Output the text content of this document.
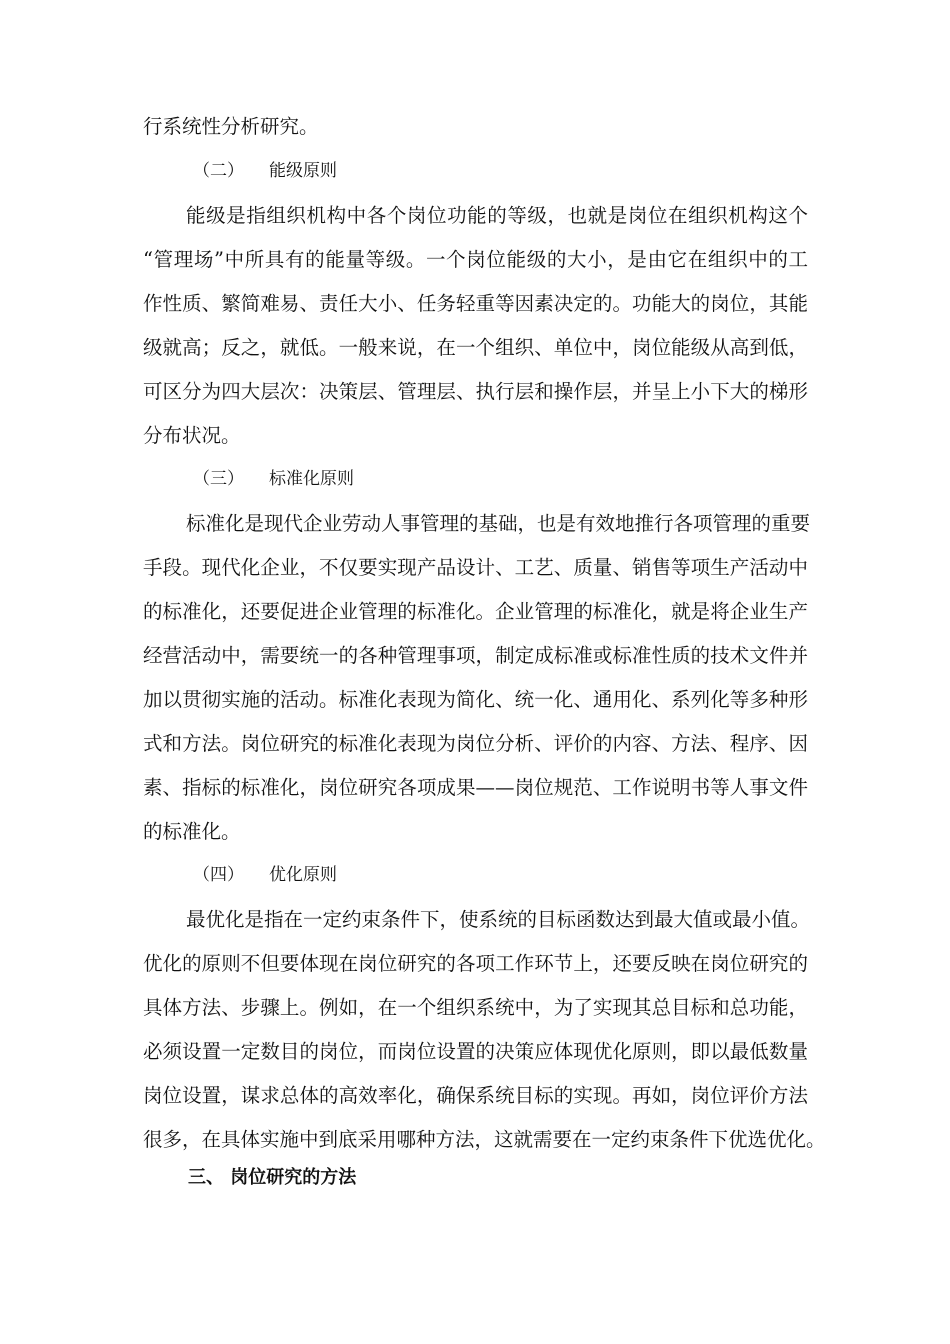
行系统性分析研究。
（二） 能级原则
能级是指组织机构中各个岗位功能的等级，也就是岗位在组织机构这个
“管理场”中所具有的能量等级。一个岗位能级的大小，是由它在组织中的工
作性质、繁简难易、责任大小、任务轻重等因素决定的。功能大的岗位，其能
级就高；反之，就低。一般来说，在一个组织、单位中，岗位能级从高到低，
可区分为四大层次：决策层、管理层、执行层和操作层，并呈上小下大的梯形
分布状况。
（三） 标准化原则
标准化是现代企业劳动人事管理的基础，也是有效地推行各项管理的重要
手段。现代化企业，不仅要实现产品设计、工艺、质量、销售等项生产活动中
的标准化，还要促进企业管理的标准化。企业管理的标准化，就是将企业生产
经营活动中，需要统一的各种管理事项，制定成标准或标准性质的技术文件并
加以贯彻实施的活动。标准化表现为简化、统一化、通用化、系列化等多种形
式和方法。岗位研究的标准化表现为岗位分析、评价的内容、方法、程序、因
素、指标的标准化，岗位研究各项成果——岗位规范、工作说明书等人事文件
的标准化。
（四） 优化原则
最优化是指在一定约束条件下，使系统的目标函数达到最大值或最小值。
优化的原则不但要体现在岗位研究的各项工作环节上，还要反映在岗位研究的
具体方法、步骤上。例如，在一个组织系统中，为了实现其总目标和总功能，
必须设置一定数目的岗位，而岗位设置的决策应体现优化原则，即以最低数量
岗位设置，谋求总体的高效率化，确保系统目标的实现。再如，岗位评价方法
很多，在具体实施中到底采用哪种方法，这就需要在一定约束条件下优选优化。
三、 岗位研究的方法
